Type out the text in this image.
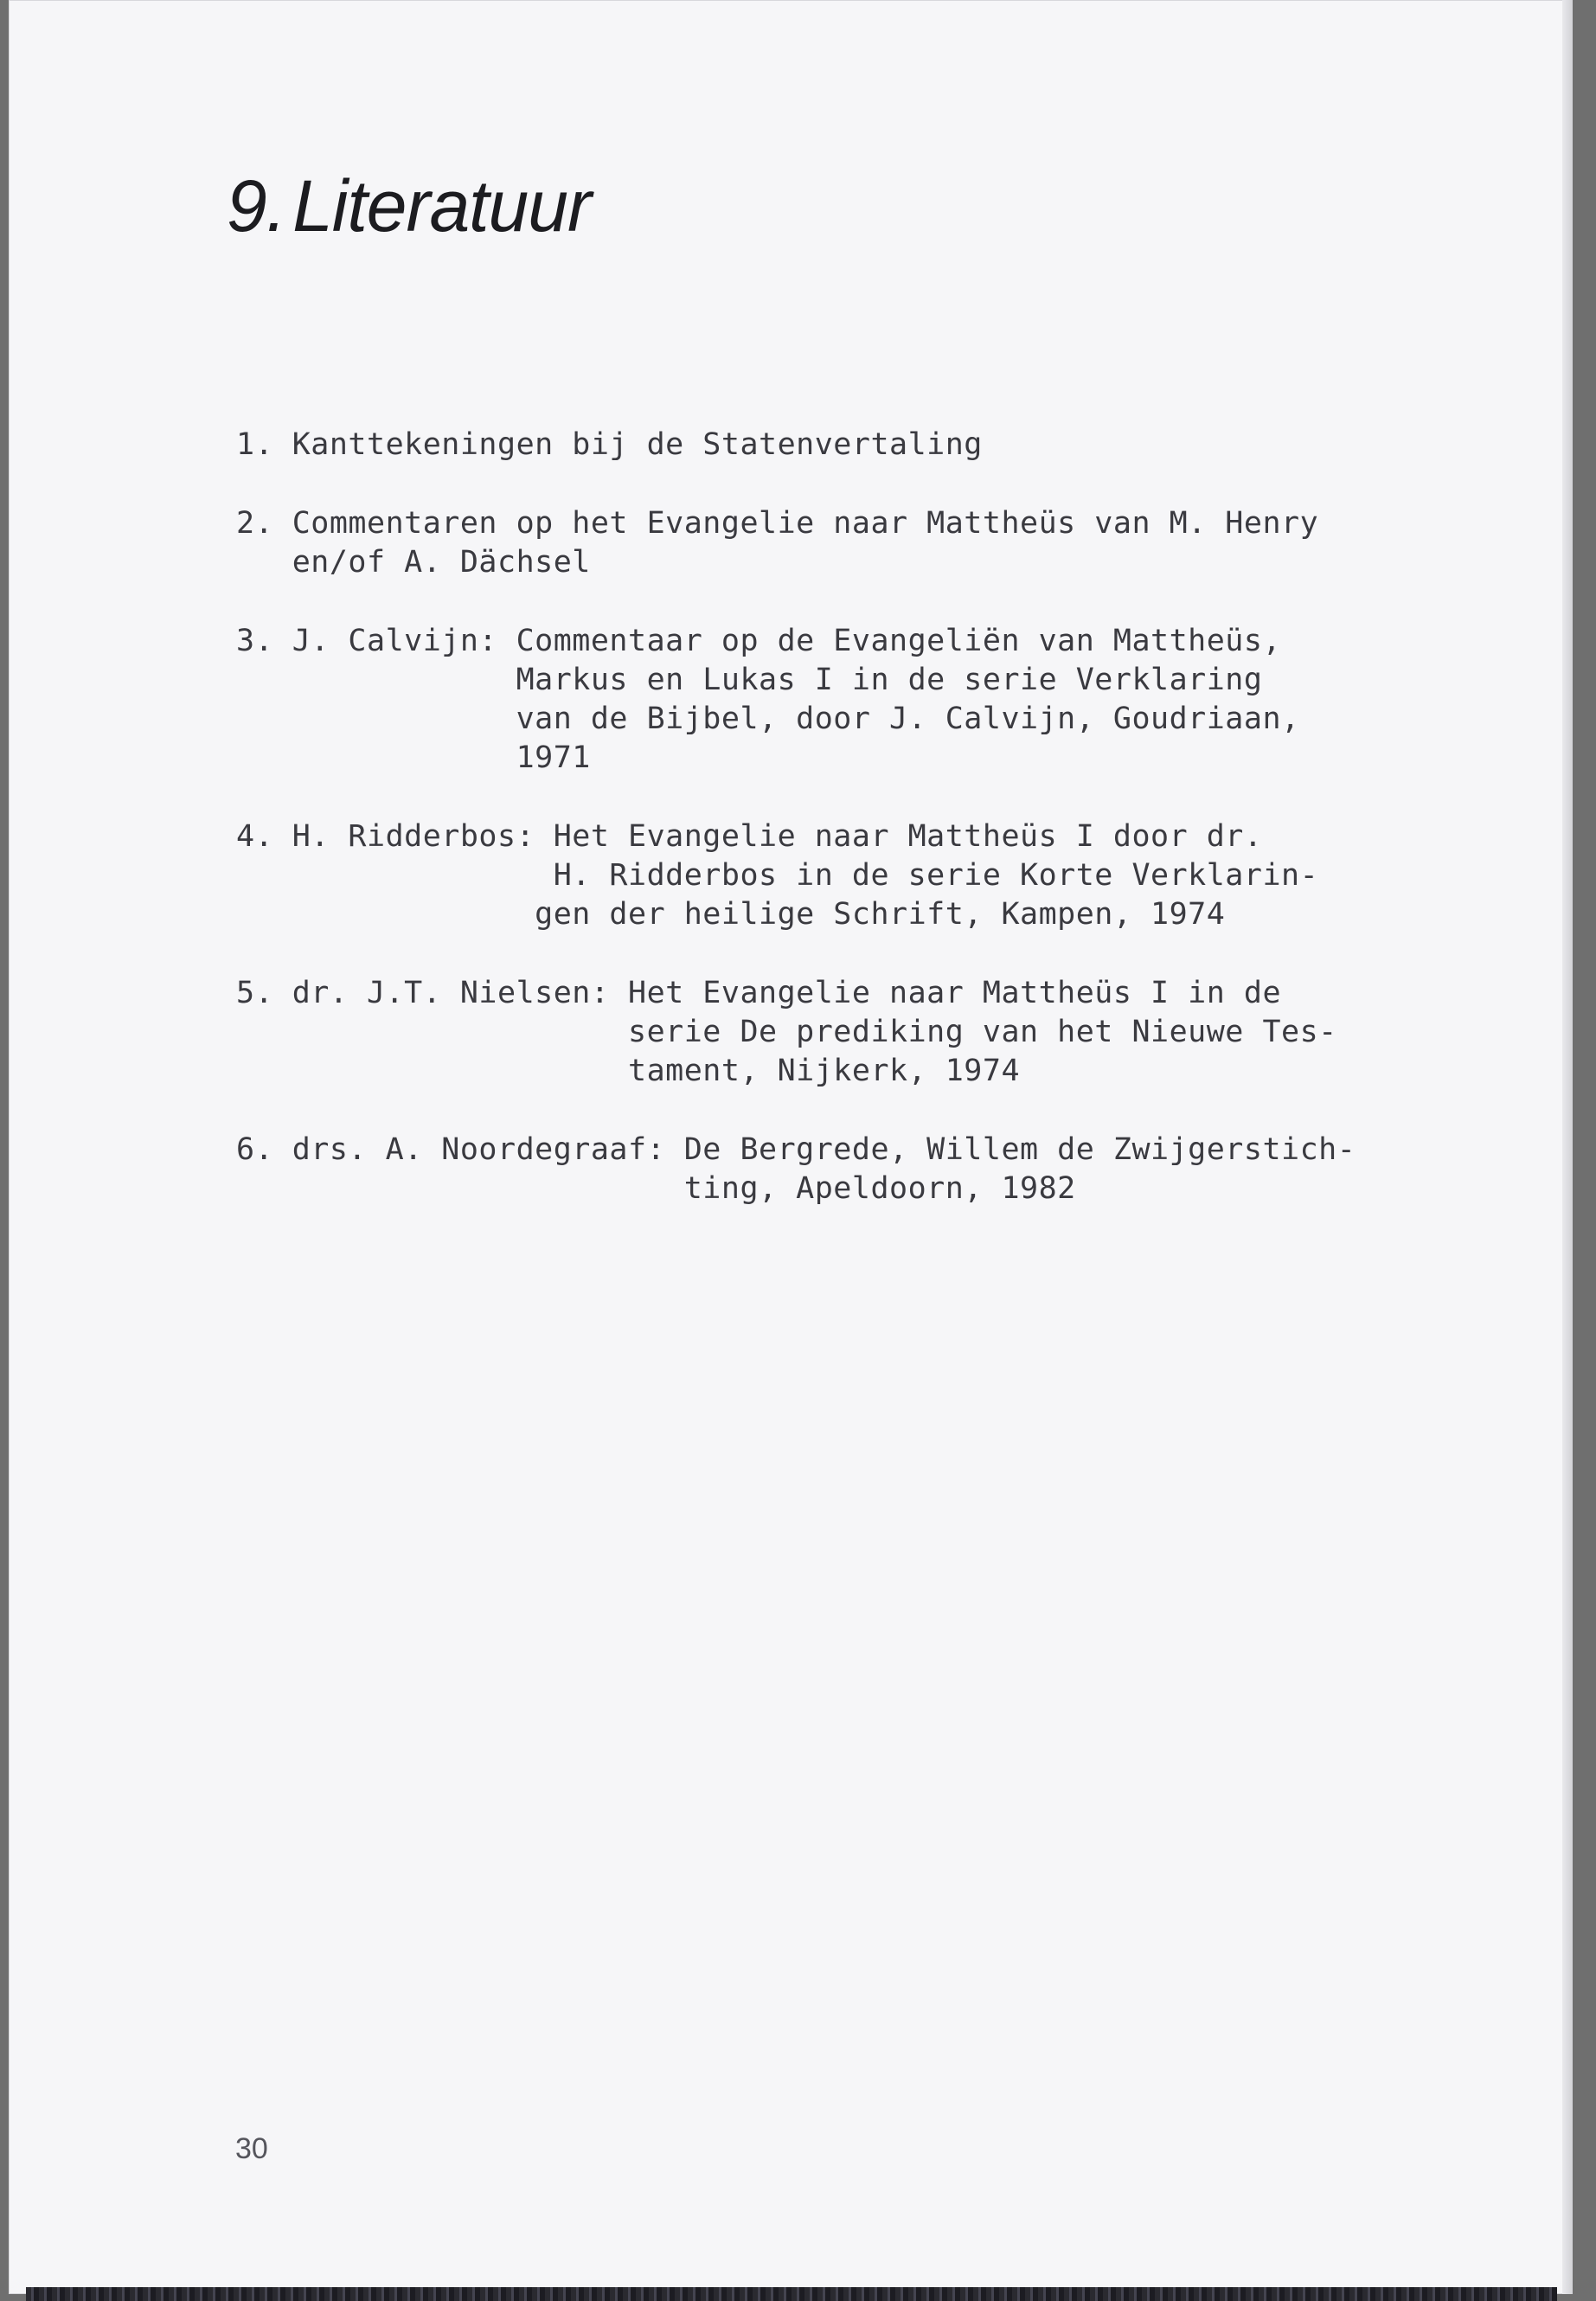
9.Literatuur
1. Kanttekeningen bij de Statenvertaling
2. Commentaren op het Evangelie naar Mattheüs van M. Henry
en/of A. Dächsel
3. J. Calvijn: Commentaar op de Evangeliën van Mattheüs,
Markus en Lukas I in de serie Verklaring
van de Bijbel, door J. Calvijn, Goudriaan,
1971
4. H. Ridderbos: Het Evangelie naar Mattheüs I door dr.
H. Ridderbos in de serie Korte Verklarin-
gen der heilige Schrift, Kampen, 1974
5. dr. J.T. Nielsen: Het Evangelie naar Mattheüs I in de
serie De prediking van het Nieuwe Tes-
tament, Nijkerk, 1974
6. drs. A. Noordegraaf: De Bergrede, Willem de Zwijgerstich-
ting, Apeldoorn, 1982
30
